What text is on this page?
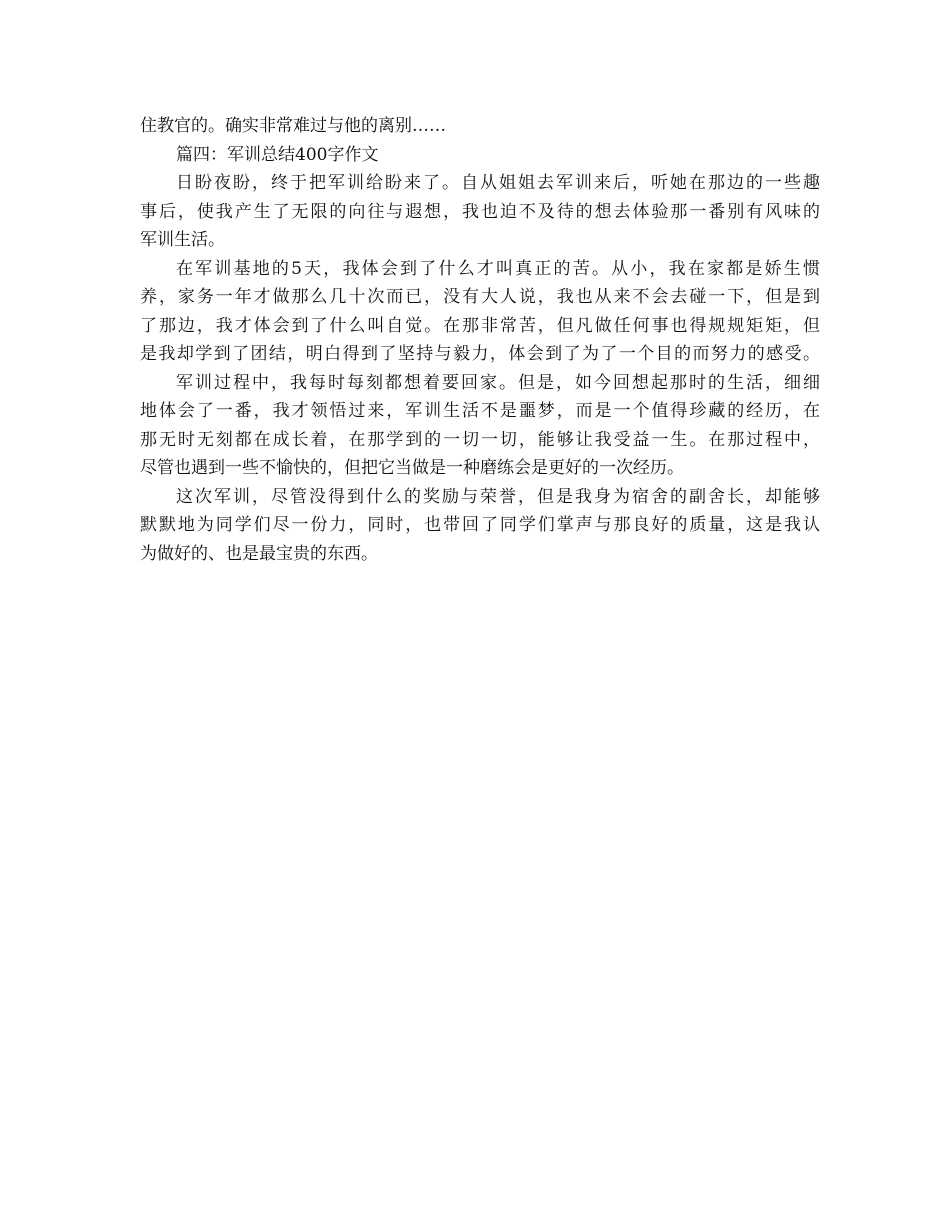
住教官的。确实非常难过与他的离别……
篇四：军训总结400字作文
日盼夜盼，终于把军训给盼来了。自从姐姐去军训来后，听她在那边的一些趣
事后，使我产生了无限的向往与遐想，我也迫不及待的想去体验那一番别有风味的
军训生活。
在军训基地的5天，我体会到了什么才叫真正的苦。从小，我在家都是娇生惯
养，家务一年才做那么几十次而已，没有大人说，我也从来不会去碰一下，但是到
了那边，我才体会到了什么叫自觉。在那非常苦，但凡做任何事也得规规矩矩，但
是我却学到了团结，明白得到了坚持与毅力，体会到了为了一个目的而努力的感受。
军训过程中，我每时每刻都想着要回家。但是，如今回想起那时的生活，细细
地体会了一番，我才领悟过来，军训生活不是噩梦，而是一个值得珍藏的经历，在
那无时无刻都在成长着，在那学到的一切一切，能够让我受益一生。在那过程中，
尽管也遇到一些不愉快的，但把它当做是一种磨练会是更好的一次经历。
这次军训，尽管没得到什么的奖励与荣誉，但是我身为宿舍的副舍长，却能够
默默地为同学们尽一份力，同时，也带回了同学们掌声与那良好的质量，这是我认
为做好的、也是最宝贵的东西。
